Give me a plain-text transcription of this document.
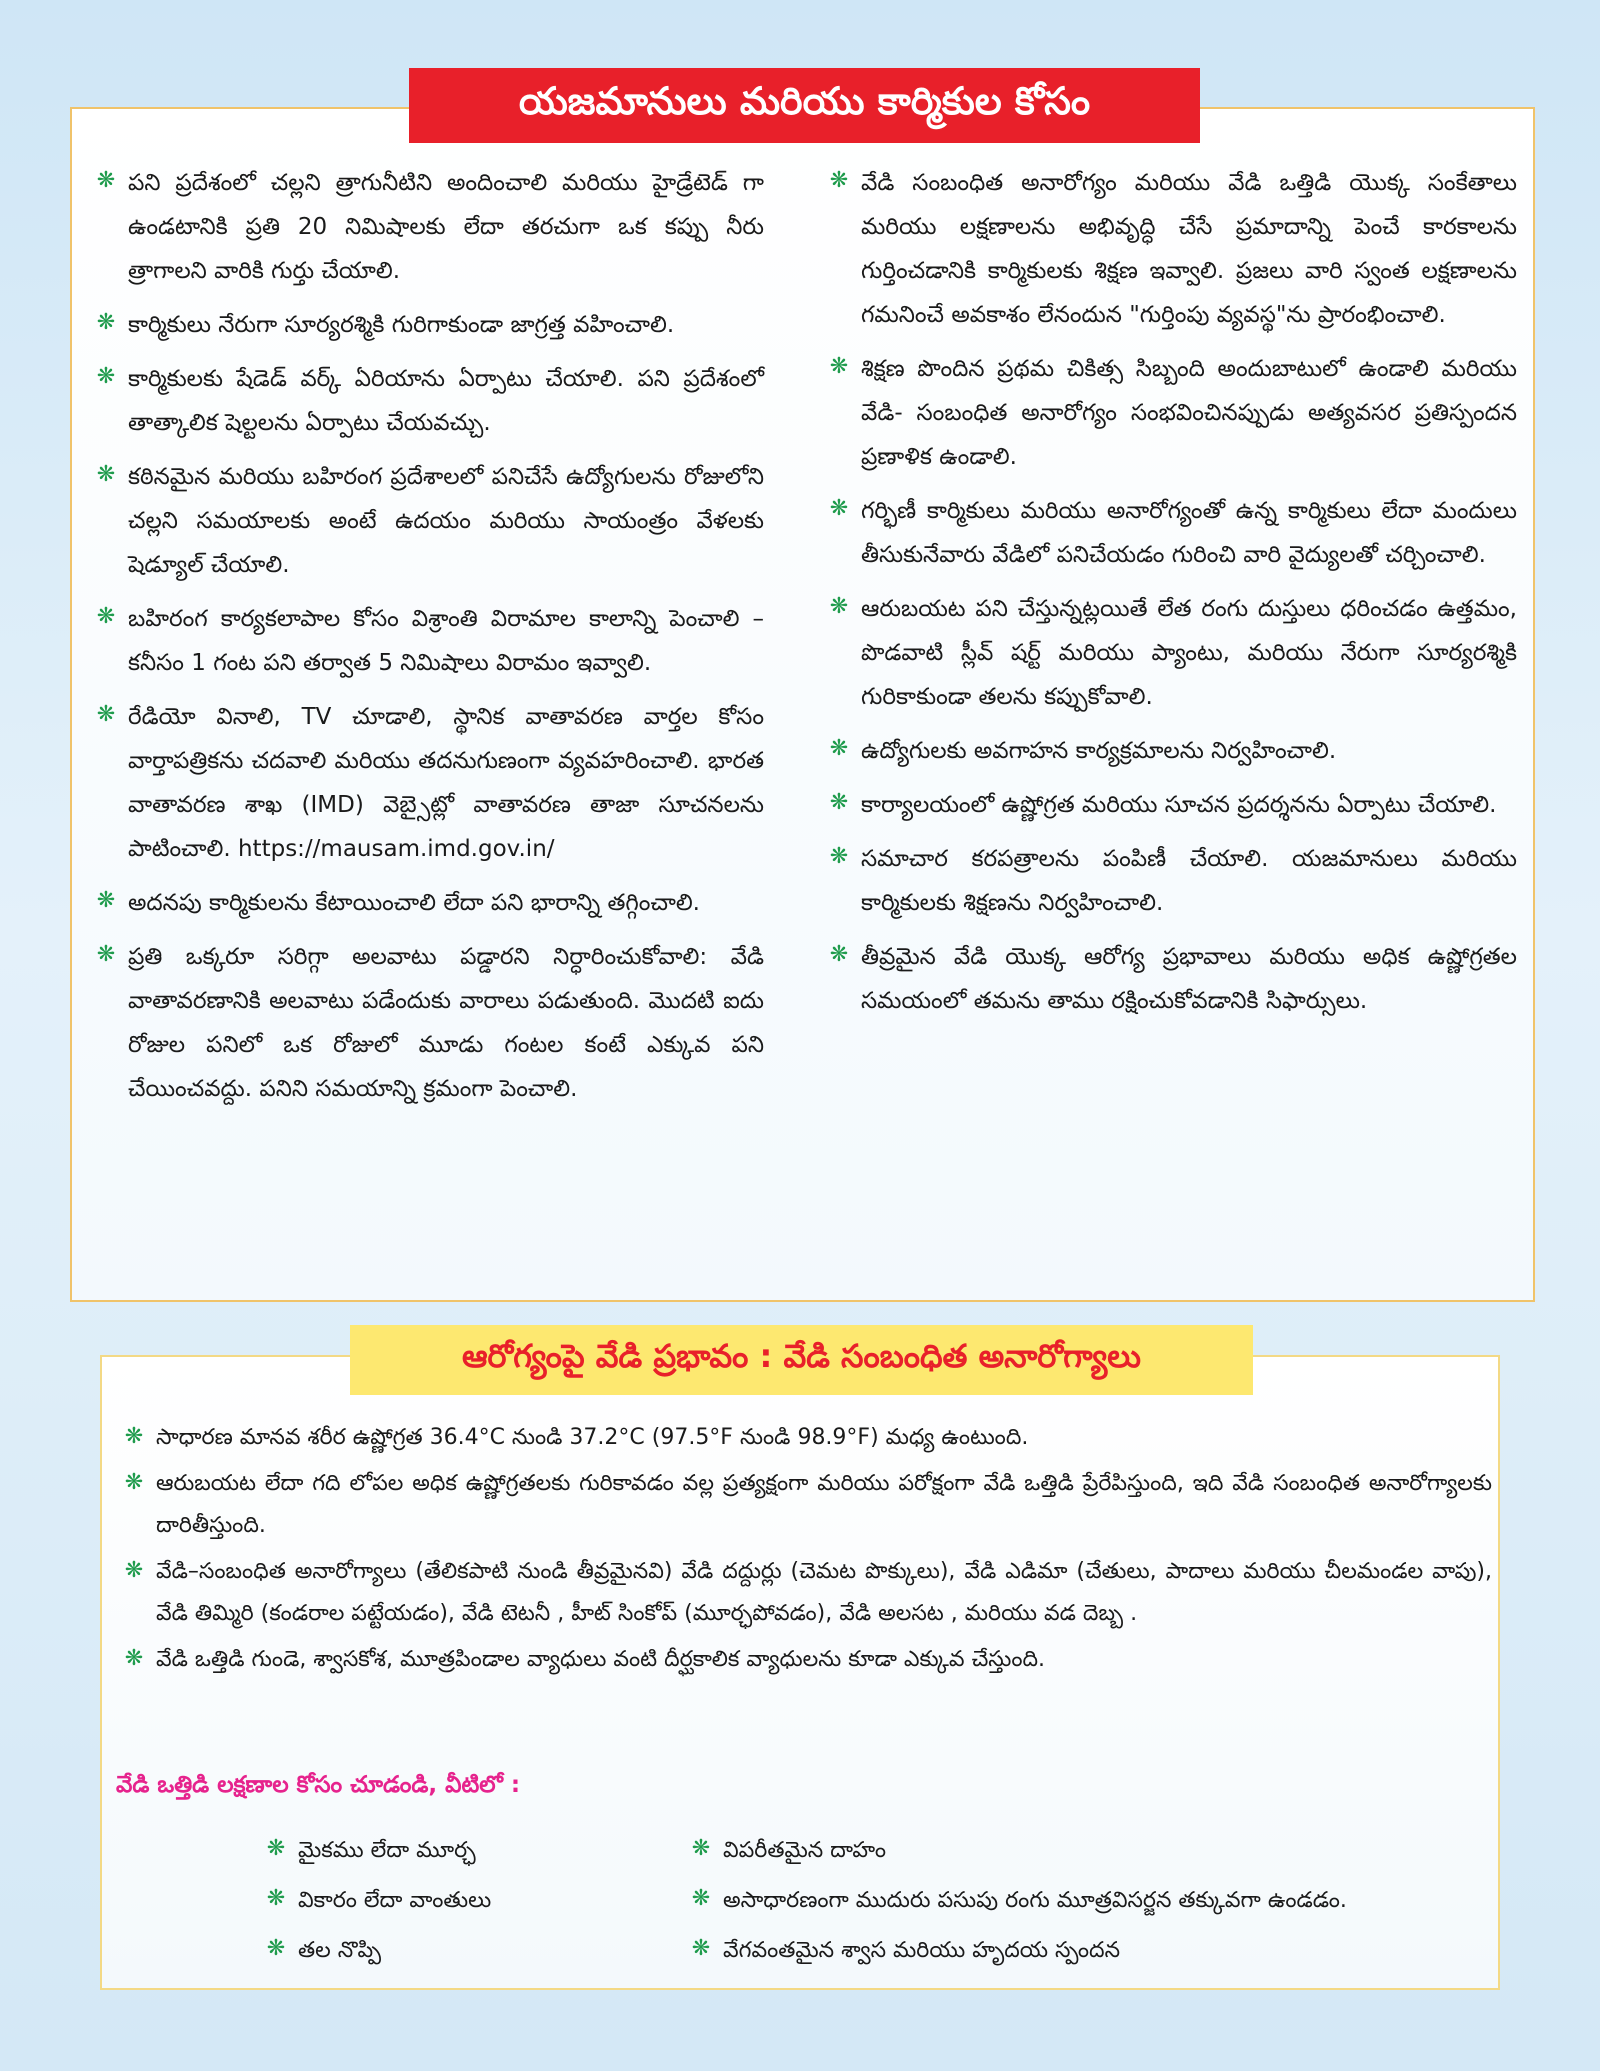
యజమానులు మరియు కార్మికుల కోసం
❋ పని ప్రదేశంలో చల్లని త్రాగునీటిని అందించాలి మరియు హైడ్రేటెడ్ గా ఉండటానికి ప్రతి 20 నిమిషాలకు లేదా తరచుగా ఒక కప్పు నీరు త్రాగాలని వారికి గుర్తు చేయాలి.
❋ కార్మికులు నేరుగా సూర్యరశ్మికి గురిగాకుండా జాగ్రత్త వహించాలి.
❋ కార్మికులకు షేడెడ్ వర్క్ ఏరియాను ఏర్పాటు చేయాలి. పని ప్రదేశంలో తాత్కాలిక షెల్టలను ఏర్పాటు చేయవచ్చు.
❋ కఠినమైన మరియు బహిరంగ ప్రదేశాలలో పనిచేసే ఉద్యోగులను రోజులోని చల్లని సమయాలకు అంటే ఉదయం మరియు సాయంత్రం వేళలకు షెడ్యూల్ చేయాలి.
❋ బహిరంగ కార్యకలాపాల కోసం విశ్రాంతి విరామాల కాలాన్ని పెంచాలి – కనీసం 1 గంట పని తర్వాత 5 నిమిషాలు విరామం ఇవ్వాలి.
❋ రేడియో వినాలి, TV చూడాలి, స్థానిక వాతావరణ వార్తల కోసం వార్తాపత్రికను చదవాలి మరియు తదనుగుణంగా వ్యవహరించాలి. భారత వాతావరణ శాఖ (IMD) వెబ్సైట్లో వాతావరణ తాజా సూచనలను పాటించాలి. https://mausam.imd.gov.in/
❋ అదనపు కార్మికులను కేటాయించాలి లేదా పని భారాన్ని తగ్గించాలి.
❋ ప్రతి ఒక్కరూ సరిగ్గా అలవాటు పడ్డారని నిర్ధారించుకోవాలి: వేడి వాతావరణానికి అలవాటు పడేందుకు వారాలు పడుతుంది. మొదటి ఐదు రోజుల పనిలో ఒక రోజులో మూడు గంటల కంటే ఎక్కువ పని చేయించవద్దు. పనిని సమయాన్ని క్రమంగా పెంచాలి.
❋ వేడి సంబంధిత అనారోగ్యం మరియు వేడి ఒత్తిడి యొక్క సంకేతాలు మరియు లక్షణాలను అభివృద్ధి చేసే ప్రమాదాన్ని పెంచే కారకాలను గుర్తించడానికి కార్మికులకు శిక్షణ ఇవ్వాలి. ప్రజలు వారి స్వంత లక్షణాలను గమనించే అవకాశం లేనందున "గుర్తింపు వ్యవస్థ"ను ప్రారంభించాలి.
❋ శిక్షణ పొందిన ప్రథమ చికిత్స సిబ్బంది అందుబాటులో ఉండాలి మరియు వేడి- సంబంధిత అనారోగ్యం సంభవించినప్పుడు అత్యవసర ప్రతిస్పందన ప్రణాళిక ఉండాలి.
❋ గర్భిణీ కార్మికులు మరియు అనారోగ్యంతో ఉన్న కార్మికులు లేదా మందులు తీసుకునేవారు వేడిలో పనిచేయడం గురించి వారి వైద్యులతో చర్చించాలి.
❋ ఆరుబయట పని చేస్తున్నట్లయితే లేత రంగు దుస్తులు ధరించడం ఉత్తమం, పొడవాటి స్లీవ్ షర్ట్ మరియు ప్యాంటు, మరియు నేరుగా సూర్యరశ్మికి గురికాకుండా తలను కప్పుకోవాలి.
❋ ఉద్యోగులకు అవగాహన కార్యక్రమాలను నిర్వహించాలి.
❋ కార్యాలయంలో ఉష్ణోగ్రత మరియు సూచన ప్రదర్శనను ఏర్పాటు చేయాలి.
❋ సమాచార కరపత్రాలను పంపిణీ చేయాలి. యజమానులు మరియు కార్మికులకు శిక్షణను నిర్వహించాలి.
❋ తీవ్రమైన వేడి యొక్క ఆరోగ్య ప్రభావాలు మరియు అధిక ఉష్ణోగ్రతల సమయంలో తమను తాము రక్షించుకోవడానికి సిఫార్సులు.
ఆరోగ్యంపై వేడి ప్రభావం : వేడి సంబంధిత అనారోగ్యాలు
❋ సాధారణ మానవ శరీర ఉష్ణోగ్రత 36.4°C నుండి 37.2°C (97.5°F నుండి 98.9°F) మధ్య ఉంటుంది.
❋ ఆరుబయట లేదా గది లోపల అధిక ఉష్ణోగ్రతలకు గురికావడం వల్ల ప్రత్యక్షంగా మరియు పరోక్షంగా వేడి ఒత్తిడి ప్రేరేపిస్తుంది, ఇది వేడి సంబంధిత అనారోగ్యాలకు దారితీస్తుంది.
❋ వేడి–సంబంధిత అనారోగ్యాలు (తేలికపాటి నుండి తీవ్రమైనవి) వేడి దద్దుర్లు (చెమట పొక్కులు), వేడి ఎడిమా (చేతులు, పాదాలు మరియు చీలమండల వాపు), వేడి తిమ్మిరి (కండరాల పట్టేయడం), వేడి టెటనీ , హీట్ సింకోప్ (మూర్ఛపోవడం), వేడి అలసట , మరియు వడ దెబ్బ .
❋ వేడి ఒత్తిడి గుండె, శ్వాసకోశ, మూత్రపిండాల వ్యాధులు వంటి దీర్ఘకాలిక వ్యాధులను కూడా ఎక్కువ చేస్తుంది.
వేడి ఒత్తిడి లక్షణాల కోసం చూడండి, వీటిలో :
❋ మైకము లేదా మూర్ఛ
❋ వికారం లేదా వాంతులు
❋ తల నొప్పి
❋ విపరీతమైన దాహం
❋ అసాధారణంగా ముదురు పసుపు రంగు మూత్రవిసర్జన తక్కువగా ఉండడం.
❋ వేగవంతమైన శ్వాస మరియు హృదయ స్పందన
